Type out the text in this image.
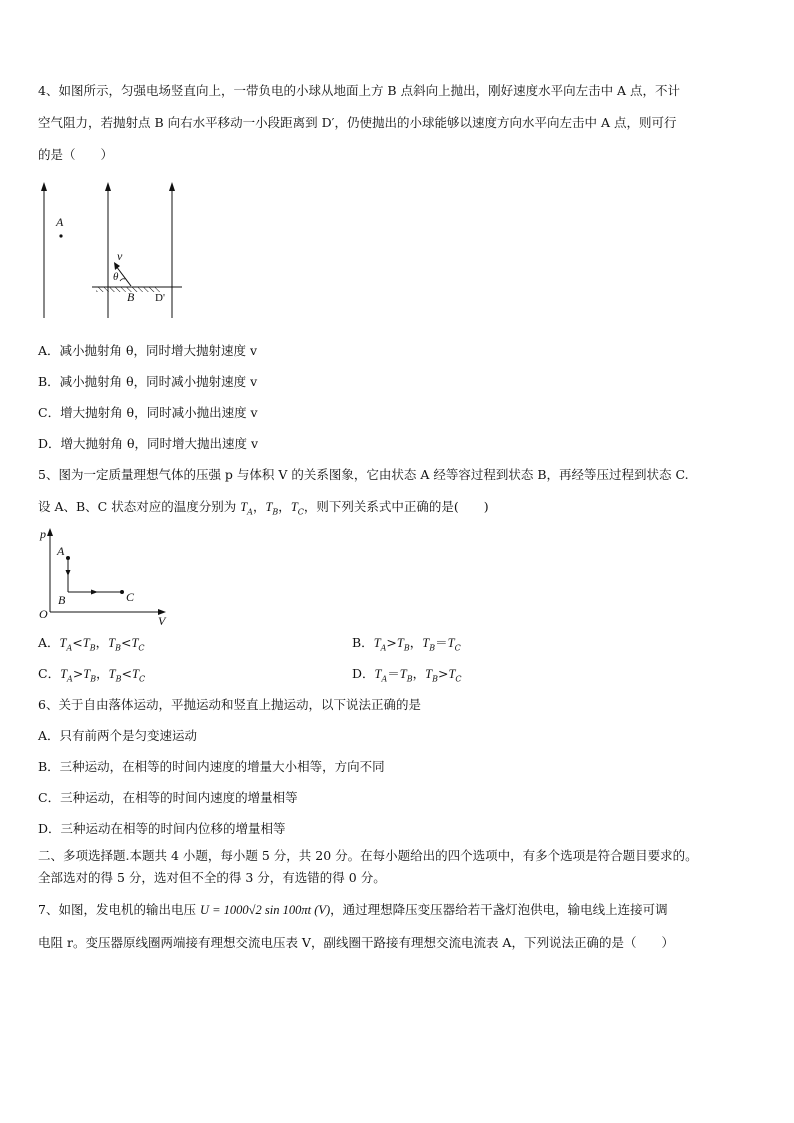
4、如图所示，匀强电场竖直向上，一带负电的小球从地面上方 B 点斜向上抛出，刚好速度水平向左击中 A 点，不计
空气阻力，若抛射点 B 向右水平移动一小段距离到 D′，仍使抛出的小球能够以速度方向水平向左击中 A 点，则可行
的是（　　）
A
v
θ
B D'
A．减小抛射角 θ，同时增大抛射速度 v
B．减小抛射角 θ，同时减小抛射速度 v
C．增大抛射角 θ，同时减小抛出速度 v
D．增大抛射角 θ，同时增大抛出速度 v
5、图为一定质量理想气体的压强 p 与体积 V 的关系图象，它由状态 A 经等容过程到状态 B，再经等压过程到状态 C.
设 A、B、C 状态对应的温度分别为 $T_A$，$T_B$，$T_C$，则下列关系式中正确的是(　　)
p
V
O
A
B	C
A．$T_A<T_B$，$T_B<T_C$	B．$T_A>T_B$，$T_B=T_C$
C．$T_A>T_B$，$T_B<T_C$	D．$T_A=T_B$，$T_B>T_C$
6、关于自由落体运动，平抛运动和竖直上抛运动，以下说法正确的是
A．只有前两个是匀变速运动
B．三种运动，在相等的时间内速度的增量大小相等，方向不同
C．三种运动，在相等的时间内速度的增量相等
D．三种运动在相等的时间内位移的增量相等
二、多项选择题.本题共 4 小题，每小题 5 分，共 20 分。在每小题给出的四个选项中，有多个选项是符合题目要求的。
全部选对的得 5 分，选对但不全的得 3 分，有选错的得 0 分。
7、如图，发电机的输出电压 U = 1000√2 sin 100πt (V)，通过理想降压变压器给若干盏灯泡供电，输电线上连接可调
电阻 r。变压器原线圈两端接有理想交流电压表 V，副线圈干路接有理想交流电流表 A，下列说法正确的是（　　）
